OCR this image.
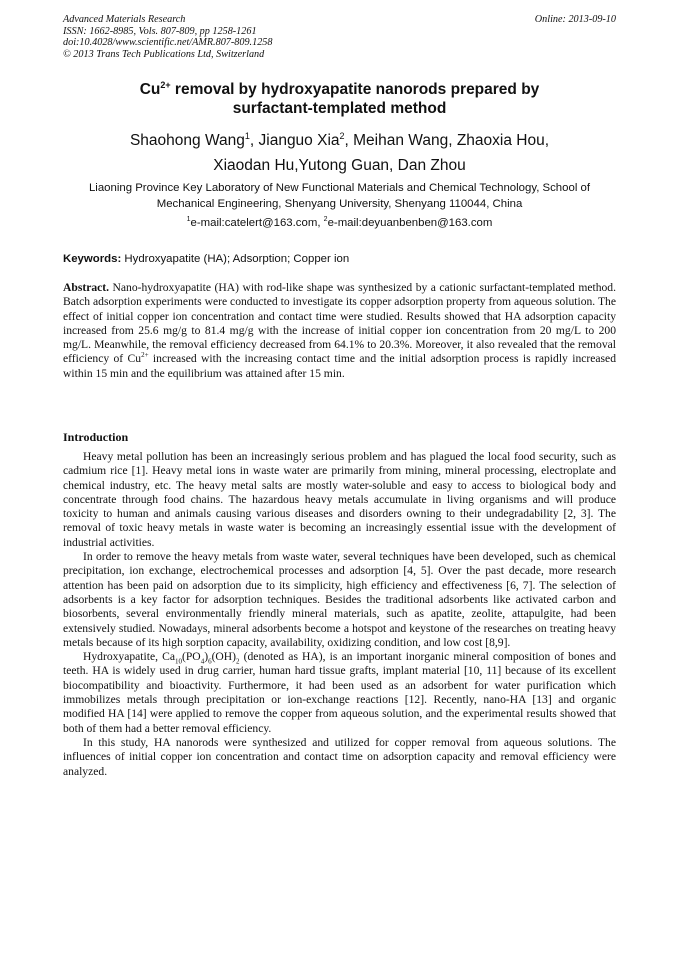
Advanced Materials Research
ISSN: 1662-8985, Vols. 807-809, pp 1258-1261
doi:10.4028/www.scientific.net/AMR.807-809.1258
© 2013 Trans Tech Publications Ltd, Switzerland
Online: 2013-09-10
$Cu^{2+}$ removal by hydroxyapatite nanorods prepared by
surfactant-templated method
Shaohong Wang$^1$, Jianguo Xia$^2$, Meihan Wang, Zhaoxia Hou,
Xiaodan Hu,Yutong Guan, Dan Zhou
Liaoning Province Key Laboratory of New Functional Materials and Chemical Technology, School of
Mechanical Engineering, Shenyang University, Shenyang 110044, China
$^1$e-mail:catelert@163.com, $^2$e-mail:deyuanbenben@163.com
Keywords: Hydroxyapatite (HA); Adsorption; Copper ion
Abstract. Nano-hydroxyapatite (HA) with rod-like shape was synthesized by a cationic surfactant-templated method. Batch adsorption experiments were conducted to investigate its copper adsorption property from aqueous solution. The effect of initial copper ion concentration and contact time were studied. Results showed that HA adsorption capacity increased from 25.6 mg/g to 81.4 mg/g with the increase of initial copper ion concentration from 20 mg/L to 200 mg/L. Meanwhile, the removal efficiency decreased from 64.1% to 20.3%. Moreover, it also revealed that the removal efficiency of $Cu^{2+}$ increased with the increasing contact time and the initial adsorption process is rapidly increased within 15 min and the equilibrium was attained after 15 min.
Introduction

Heavy metal pollution has been an increasingly serious problem and has plagued the local food security, such as cadmium rice [1]. Heavy metal ions in waste water are primarily from mining, mineral processing, electroplate and chemical industry, etc. The heavy metal salts are mostly water-soluble and easy to access to biological body and concentrate through food chains. The hazardous heavy metals accumulate in living organisms and will produce toxicity to human and animals causing various diseases and disorders owning to their undegradability [2, 3]. The removal of toxic heavy metals in waste water is becoming an increasingly essential issue with the development of industrial activities.

In order to remove the heavy metals from waste water, several techniques have been developed, such as chemical precipitation, ion exchange, electrochemical processes and adsorption [4, 5]. Over the past decade, more research attention has been paid on adsorption due to its simplicity, high efficiency and effectiveness [6, 7]. The selection of adsorbents is a key factor for adsorption techniques. Besides the traditional adsorbents like activated carbon and biosorbents, several environmentally friendly mineral materials, such as apatite, zeolite, attapulgite, had been extensively studied. Nowadays, mineral adsorbents become a hotspot and keystone of the researches on treating heavy metals because of its high sorption capacity, availability, oxidizing condition, and low cost [8,9].

Hydroxyapatite, $Ca_{10}(PO_4)_6(OH)_2$ (denoted as HA), is an important inorganic mineral composition of bones and teeth. HA is widely used in drug carrier, human hard tissue grafts, implant material [10, 11] because of its excellent biocompatibility and bioactivity. Furthermore, it had been used as an adsorbent for water purification which immobilizes metals through precipitation or ion-exchange reactions [12]. Recently, nano-HA [13] and organic modified HA [14] were applied to remove the copper from aqueous solution, and the experimental results showed that both of them had a better removal efficiency.

In this study, HA nanorods were synthesized and utilized for copper removal from aqueous solutions. The influences of initial copper ion concentration and contact time on adsorption capacity and removal efficiency were analyzed.
